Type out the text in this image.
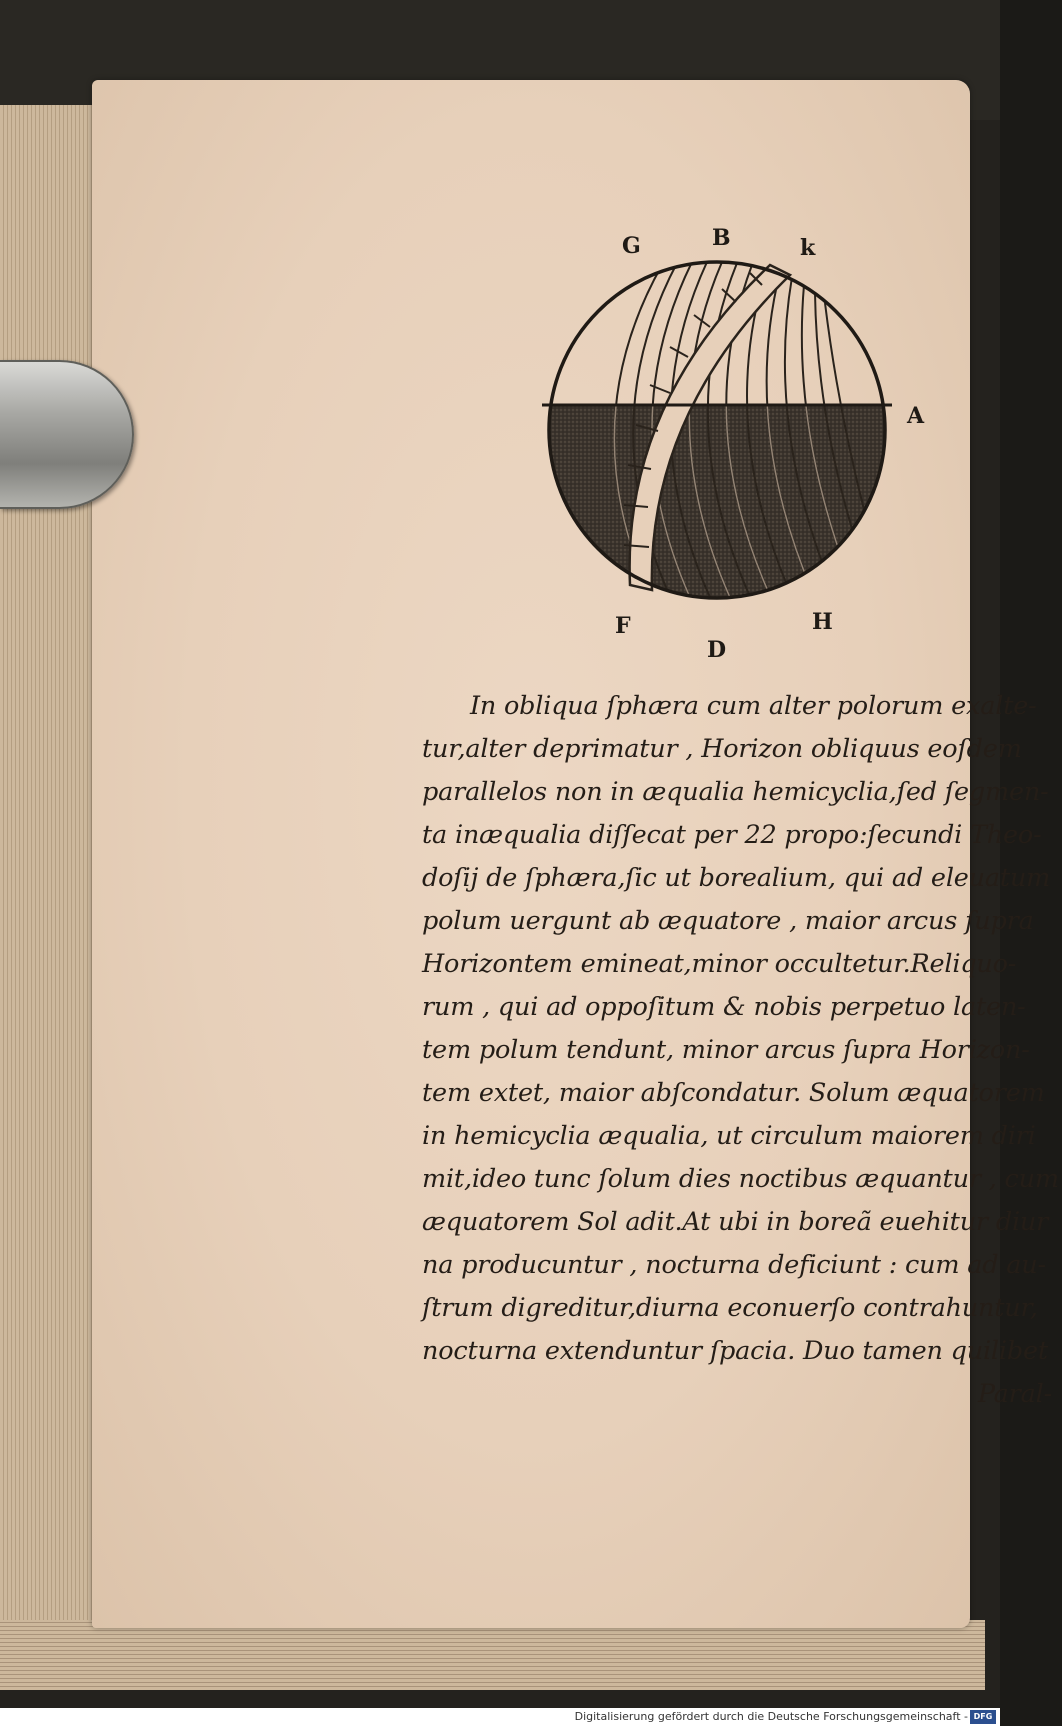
G	B	k
A
F
D
H
In obliqua ſphæra cum alter polorum exalte-
tur,alter deprimatur , Horizon obliquus eoſdem
parallelos non in æqualia hemicyclia,ſed ſegmen-
ta inæqualia diſſecat per 22 propo:ſecundi Theo-
doſij de ſphæra,ſic ut borealium, qui ad eleuatum
polum uergunt ab æquatore , maior arcus ſupra
Horizontem emineat,minor occultetur.Reliquo-
rum , qui ad oppoſitum & nobis perpetuo laten-
tem polum tendunt, minor arcus ſupra Horizon-
tem extet, maior abſcondatur. Solum æquatorem
in hemicyclia æqualia, ut circulum maiorem diri
mit,ideo tunc ſolum dies noctibus æquantur , cum
æquatorem Sol adit.At ubi in boreã euehitur diur
na producuntur , nocturna deficiunt : cum ad au-
ſtrum digreditur,diurna econuerſo contrahuntur,
nocturna extenduntur ſpacia. Duo tamen quilibet
Paral-
Digitalisierung gefördert durch die Deutsche Forschungsgemeinschaft - DFG
